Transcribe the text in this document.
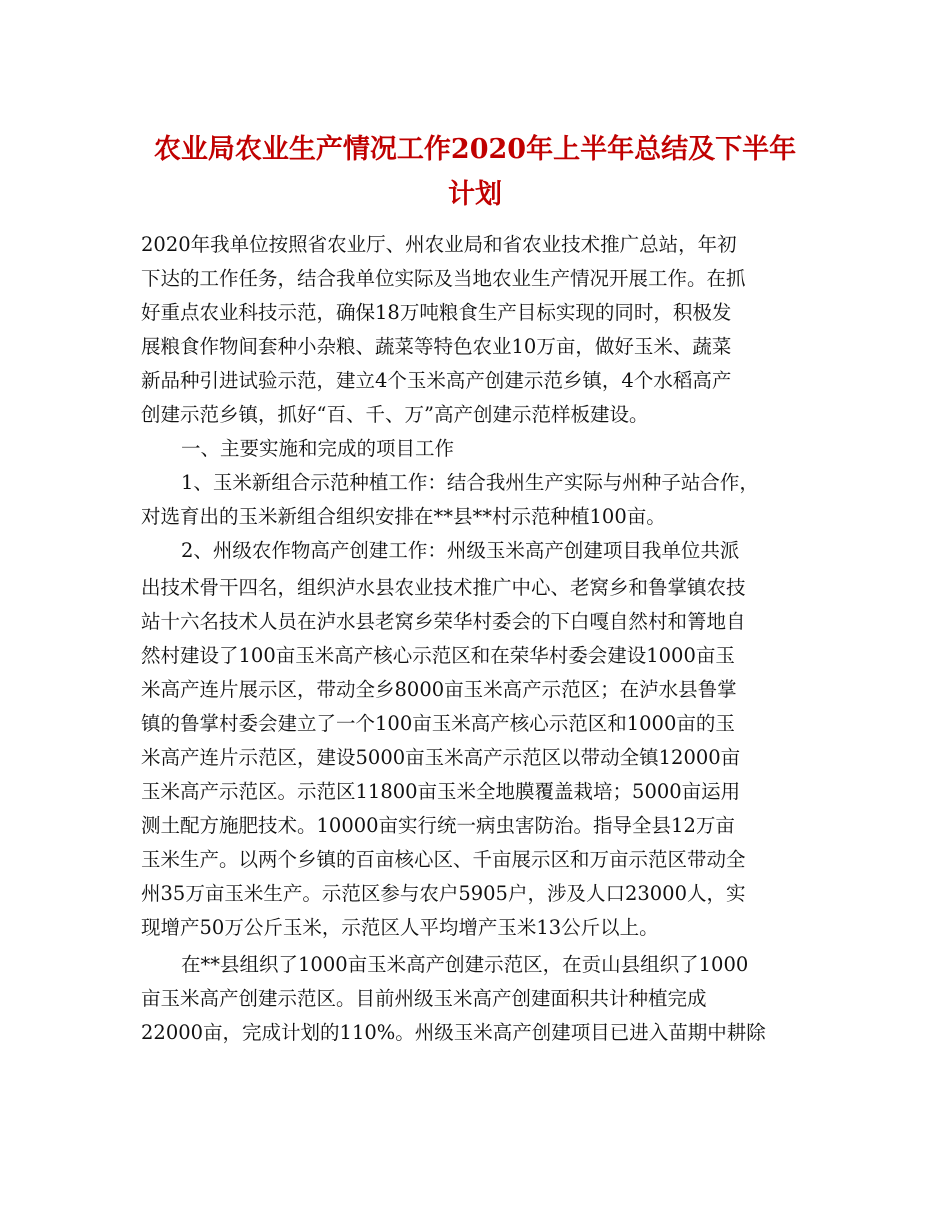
农业局农业生产情况工作2020年上半年总结及下半年
计划
2020年我单位按照省农业厅、州农业局和省农业技术推广总站，年初
下达的工作任务，结合我单位实际及当地农业生产情况开展工作。在抓
好重点农业科技示范，确保18万吨粮食生产目标实现的同时，积极发
展粮食作物间套种小杂粮、蔬菜等特色农业10万亩，做好玉米、蔬菜
新品种引进试验示范，建立4个玉米高产创建示范乡镇，4个水稻高产
创建示范乡镇，抓好“百、千、万”高产创建示范样板建设。
一、主要实施和完成的项目工作
1、玉米新组合示范种植工作：结合我州生产实际与州种子站合作，
对选育出的玉米新组合组织安排在**县**村示范种植100亩。
2、州级农作物高产创建工作：州级玉米高产创建项目我单位共派
出技术骨干四名，组织泸水县农业技术推广中心、老窝乡和鲁掌镇农技
站十六名技术人员在泸水县老窝乡荣华村委会的下白嘎自然村和箐地自
然村建设了100亩玉米高产核心示范区和在荣华村委会建设1000亩玉
米高产连片展示区，带动全乡8000亩玉米高产示范区；在泸水县鲁掌
镇的鲁掌村委会建立了一个100亩玉米高产核心示范区和1000亩的玉
米高产连片示范区，建设5000亩玉米高产示范区以带动全镇12000亩
玉米高产示范区。示范区11800亩玉米全地膜覆盖栽培；5000亩运用
测土配方施肥技术。10000亩实行统一病虫害防治。指导全县12万亩
玉米生产。以两个乡镇的百亩核心区、千亩展示区和万亩示范区带动全
州35万亩玉米生产。示范区参与农户5905户，涉及人口23000人，实
现增产50万公斤玉米，示范区人平均增产玉米13公斤以上。
在**县组织了1000亩玉米高产创建示范区，在贡山县组织了1000
亩玉米高产创建示范区。目前州级玉米高产创建面积共计种植完成
22000亩，完成计划的110%。州级玉米高产创建项目已进入苗期中耕除
